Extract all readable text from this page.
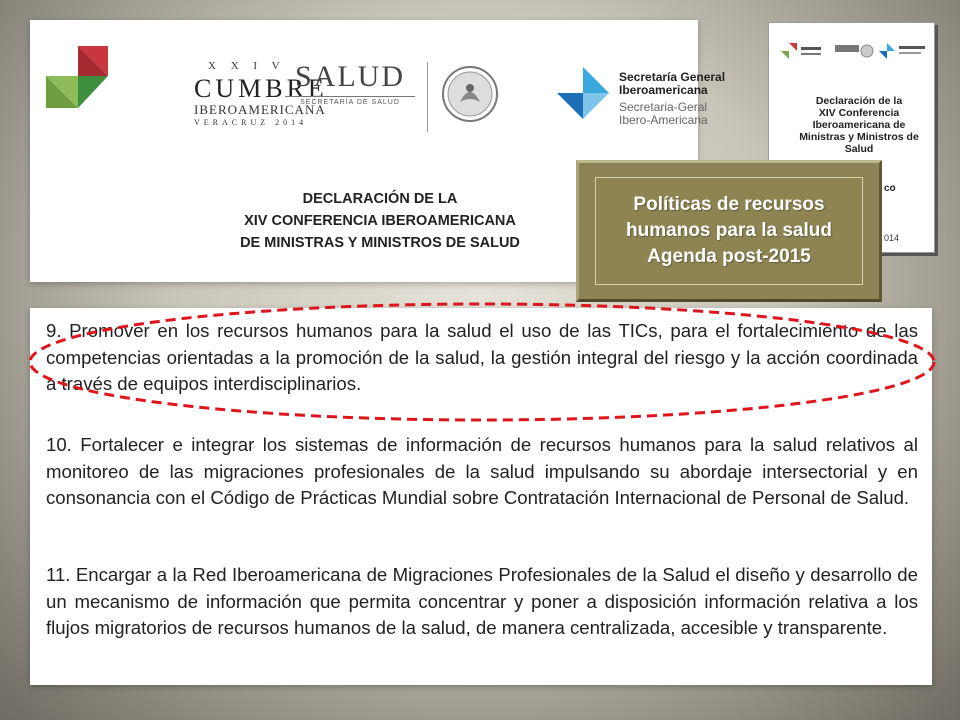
X X I V
CUMBRE
IBEROAMERICANA
VERACRUZ 2014
SALUD
SECRETARÍA DE SALUD
Secretaría General
Iberoamericana
Secretaria-Geral
Ibero-Americana
DECLARACIÓN DE LA
XIV CONFERENCIA IBEROAMERICANA
DE MINISTRAS Y MINISTROS DE SALUD
Declaración de la
XIV Conferencia
Iberoamericana de
Ministras y Ministros de
Salud
co
014
Políticas de recursos
humanos para la salud
Agenda post-2015
9. Promover en los recursos humanos para la salud el uso de las TICs, para el fortalecimiento de las competencias orientadas a la promoción de la salud, la gestión integral del riesgo y la acción coordinada a través de equipos interdisciplinarios.
10. Fortalecer e integrar los sistemas de información de recursos humanos para la salud relativos al monitoreo de las migraciones profesionales de la salud impulsando su abordaje intersectorial y en consonancia con el Código de Prácticas Mundial sobre Contratación Internacional de Personal de Salud.
11. Encargar a la Red Iberoamericana de Migraciones Profesionales de la Salud el diseño y desarrollo de un mecanismo de información que permita concentrar y poner a disposición información relativa a los flujos migratorios de recursos humanos de la salud, de manera centralizada, accesible y transparente.
